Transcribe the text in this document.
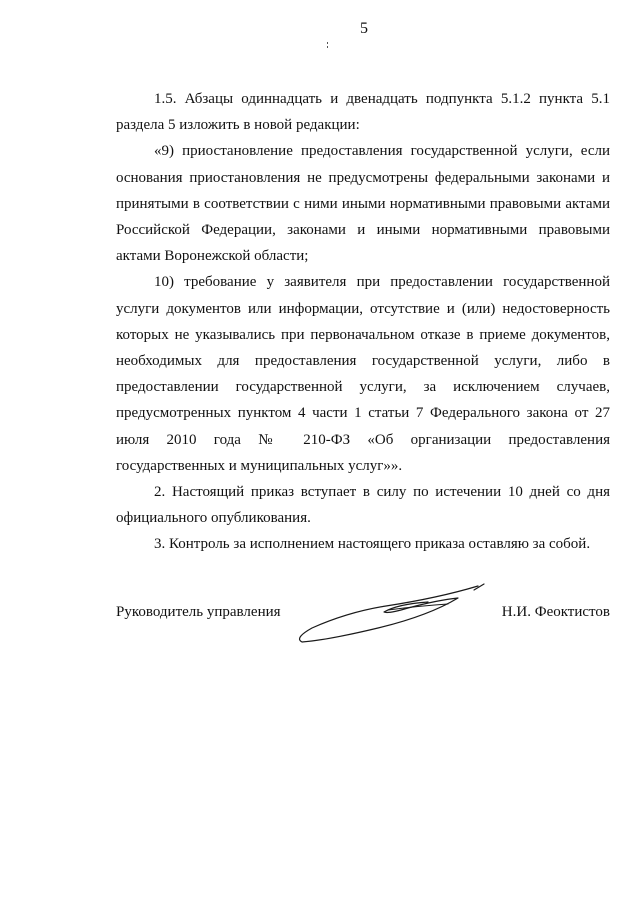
5

1.5. Абзацы одиннадцать и двенадцать подпункта 5.1.2 пункта 5.1 раздела 5 изложить в новой редакции:

«9) приостановление предоставления государственной услуги, если основания приостановления не предусмотрены федеральными законами и принятыми в соответствии с ними иными нормативными правовыми актами Российской Федерации, законами и иными нормативными правовыми актами Воронежской области;

10) требование у заявителя при предоставлении государственной услуги документов или информации, отсутствие и (или) недостоверность которых не указывались при первоначальном отказе в приеме документов, необходимых для предоставления государственной услуги, либо в предоставлении государственной услуги, за исключением случаев, предусмотренных пунктом 4 части 1 статьи 7 Федерального закона от 27 июля 2010 года № 210-ФЗ «Об организации предоставления государственных и муниципальных услуг»».

2. Настоящий приказ вступает в силу по истечении 10 дней со дня официального опубликования.

3. Контроль за исполнением настоящего приказа оставляю за собой.

Руководитель управления	Н.И. Феоктистов
